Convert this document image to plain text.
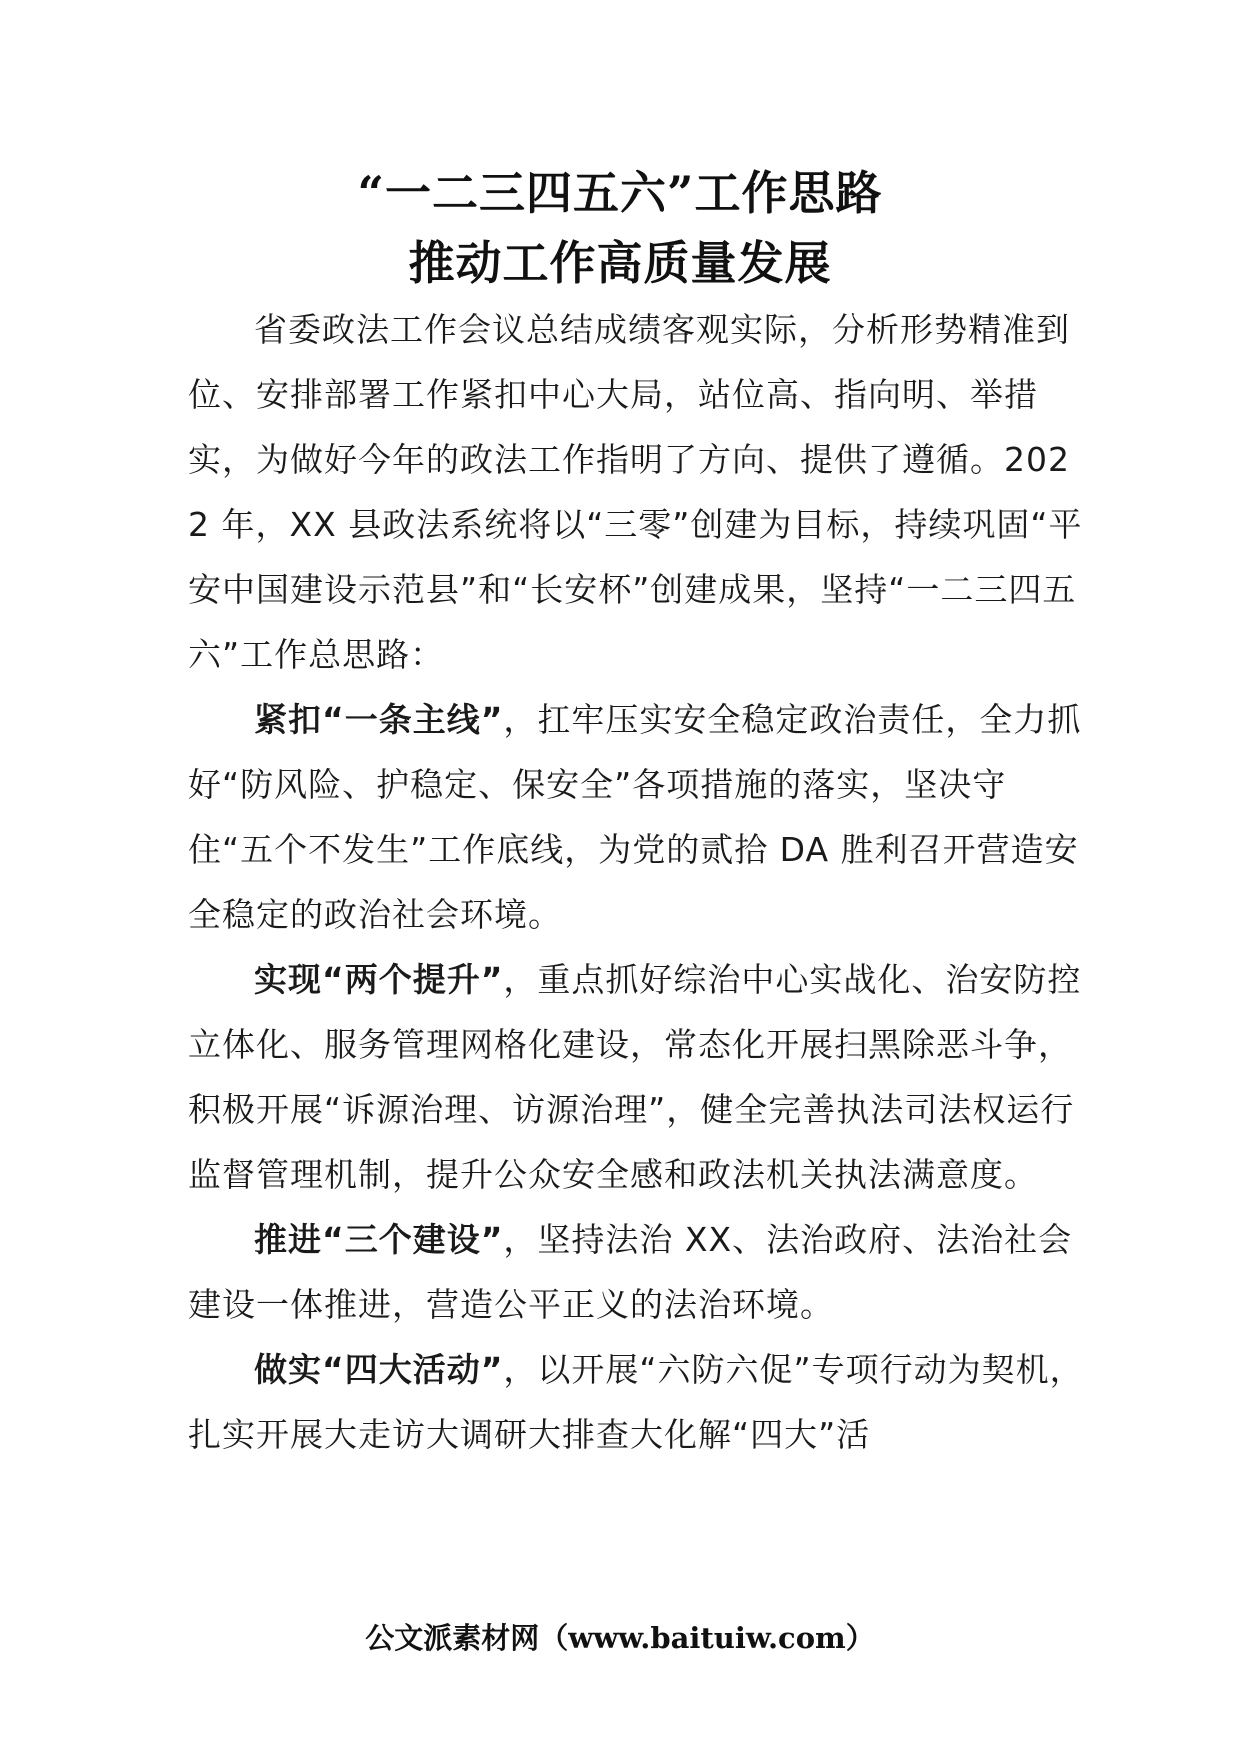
“一二三四五六”工作思路
推动工作高质量发展

省委政法工作会议总结成绩客观实际，分析形势精准到位、安排部署工作紧扣中心大局，站位高、指向明、举措实，为做好今年的政法工作指明了方向、提供了遵循。2022 年，XX 县政法系统将以“三零”创建为目标，持续巩固“平安中国建设示范县”和“长安杯”创建成果，坚持“一二三四五六”工作总思路：

紧扣“一条主线”，扛牢压实安全稳定政治责任，全力抓好“防风险、护稳定、保安全”各项措施的落实，坚决守住“五个不发生”工作底线，为党的贰拾 DA 胜利召开营造安全稳定的政治社会环境。

实现“两个提升”，重点抓好综治中心实战化、治安防控立体化、服务管理网格化建设，常态化开展扫黑除恶斗争，积极开展“诉源治理、访源治理”，健全完善执法司法权运行监督管理机制，提升公众安全感和政法机关执法满意度。

推进“三个建设”，坚持法治 XX、法治政府、法治社会建设一体推进，营造公平正义的法治环境。

做实“四大活动”，以开展“六防六促”专项行动为契机，扎实开展大走访大调研大排查大化解“四大”活

公文派素材网（www.baituiw.com）
